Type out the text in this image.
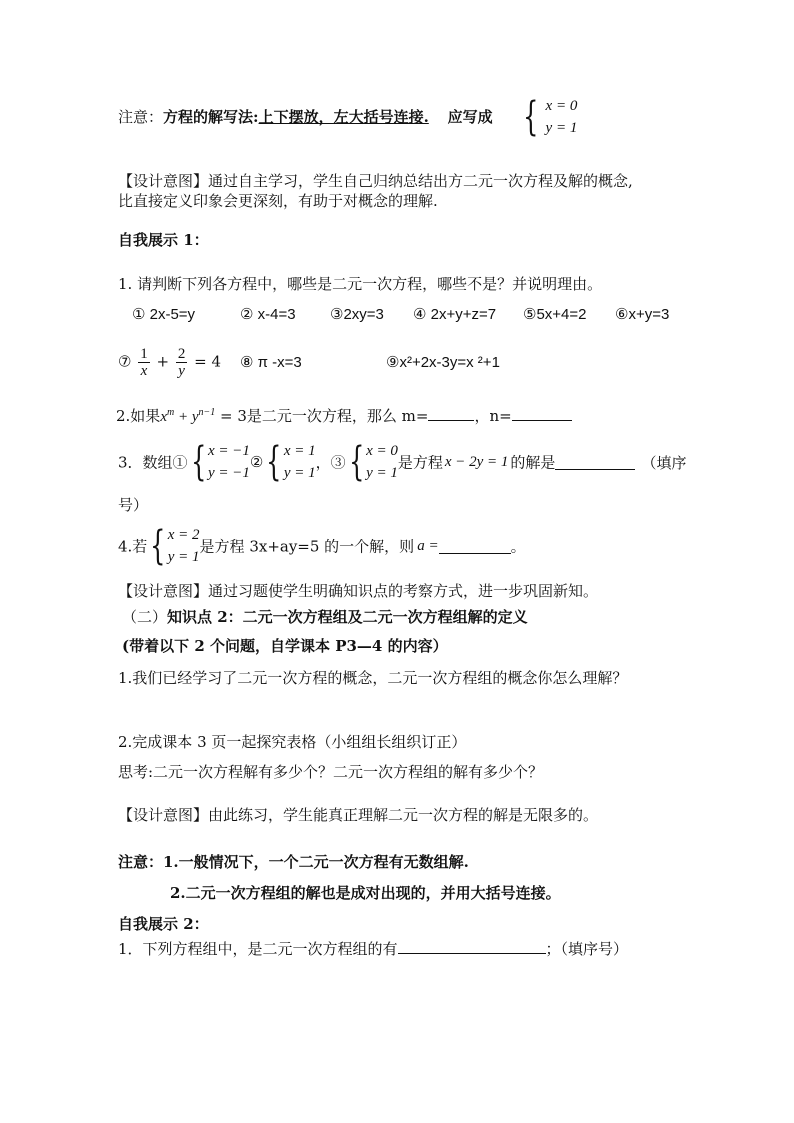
注意：方程的解写法:上下摆放，左大括号连接. 应写成 { x = 0
y = 1
【设计意图】通过自主学习，学生自己归纳总结出方二元一次方程及解的概念,
比直接定义印象会更深刻，有助于对概念的理解.
自我展示 1：
1. 请判断下列各方程中，哪些是二元一次方程，哪些不是？并说明理由。
① 2x-5=y	② x-4=3 ③2xy=3 ④ 2x+y+z=7 ⑤5x+4=2 ⑥x+y=3
⑦ $\frac{1}{x} + \frac{2}{y} = 4$ ⑧ π -x=3	⑨x²+2x-3y=x ²+1
2.如果$x^m + y^{n-1} = 3$是二元一次方程，那么 m=	，n=
3．数组①{ x = −1
y = −1
②{ x = 1
y = 1
，③{ x = 0
y = 1
是方程 x − 2y = 1 的解是	（填序
号）
4.若{ x = 2
y = 1
是方程 3x+ay=5 的一个解，则 a =	。
【设计意图】通过习题使学生明确知识点的考察方式，进一步巩固新知。
（二）知识点 2：二元一次方程组及二元一次方程组解的定义
(带着以下 2 个问题，自学课本 P3—4 的内容）
1.我们已经学习了二元一次方程的概念，二元一次方程组的概念你怎么理解？
2.完成课本 3 页一起探究表格（小组组长组织订正）
思考:二元一次方程解有多少个？二元一次方程组的解有多少个？
【设计意图】由此练习，学生能真正理解二元一次方程的解是无限多的。
注意：1.一般情况下，一个二元一次方程有无数组解.
2.二元一次方程组的解也是成对出现的，并用大括号连接。
自我展示 2：
1．下列方程组中，是二元一次方程组的有	；（填序号）
